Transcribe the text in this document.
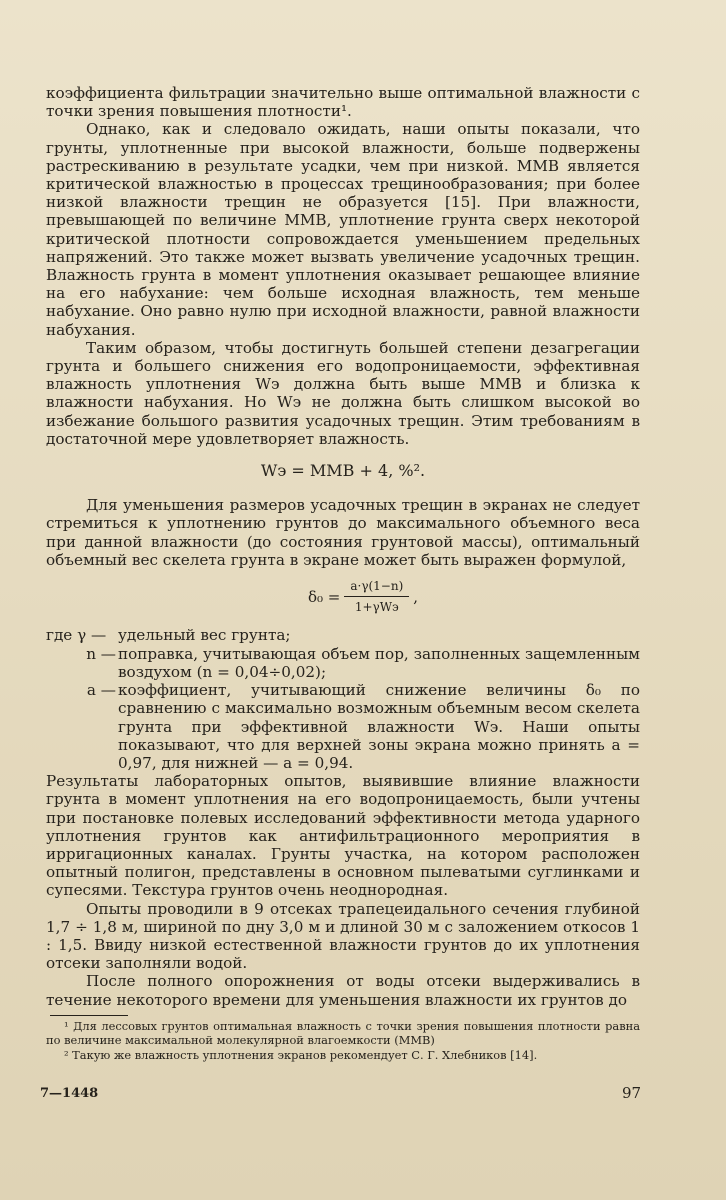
коэффициента фильтрации значительно выше оптимальной влажности с точки зрения повышения плотности¹.

Однако, как и следовало ожидать, наши опыты показали, что грунты, уплотненные при высокой влажности, больше подвержены растрескиванию в результате усадки, чем при низкой. ММВ является критической влажностью в процессах трещинообразования; при более низкой влажности трещин не образуется [15]. При влажности, превышающей по величине ММВ, уплотнение грунта сверх некоторой критической плотности сопровождается уменьшением предельных напряжений. Это также может вызвать увеличение усадочных трещин. Влажность грунта в момент уплотнения оказывает решающее влияние на его набухание: чем больше исходная влажность, тем меньше набухание. Оно равно нулю при исходной влажности, равной влажности набухания.

Таким образом, чтобы достигнуть большей степени дезагрегации грунта и большего снижения его водопроницаемости, эффективная влажность уплотнения Wэ должна быть выше ММВ и близка к влажности набухания. Но Wэ не должна быть слишком высокой во избежание большого развития усадочных трещин. Этим требованиям в достаточной мере удовлетворяет влажность.

Wэ = ММВ + 4, %².

Для уменьшения размеров усадочных трещин в экранах не следует стремиться к уплотнению грунтов до максимального объемного веса при данной влажности (до состояния грунтовой массы), оптимальный объемный вес скелета грунта в экране может быть выражен формулой,

$\delta_0 = \frac{a\cdot\gamma(1-n)}{\text{1+γWэ}}$ ,
где γ — удельный вес грунта;
n — поправка, учитывающая объем пор, заполненных защемленным воздухом (n = 0,04÷0,02);
a — коэффициент, учитывающий снижение величины δ₀ по сравнению с максимально возможным объемным весом скелета грунта при эффективной влажности Wэ. Наши опыты показывают, что для верхней зоны экрана можно принять a = 0,97, для нижней — a = 0,94.

Результаты лабораторных опытов, выявившие влияние влажности грунта в момент уплотнения на его водопроницаемость, были учтены при постановке полевых исследований эффективности метода ударного уплотнения грунтов как антифильтрационного мероприятия в ирригационных каналах. Грунты участка, на котором расположен опытный полигон, представлены в основном пылеватыми суглинками и супесями. Текстура грунтов очень неоднородная.

Опыты проводили в 9 отсеках трапецеидального сечения глубиной 1,7 ÷ 1,8 м, шириной по дну 3,0 м и длиной 30 м с заложением откосов 1 : 1,5. Ввиду низкой естественной влажности грунтов до их уплотнения отсеки заполняли водой.

После полного опорожнения от воды отсеки выдерживались в течение некоторого времени для уменьшения влажности их грунтов до

¹ Для лессовых грунтов оптимальная влажность с точки зрения повышения плотности равна по величине максимальной молекулярной влагоемкости (ММВ)

² Такую же влажность уплотнения экранов рекомендует С. Г. Хлебников [14].

7—1448	97
